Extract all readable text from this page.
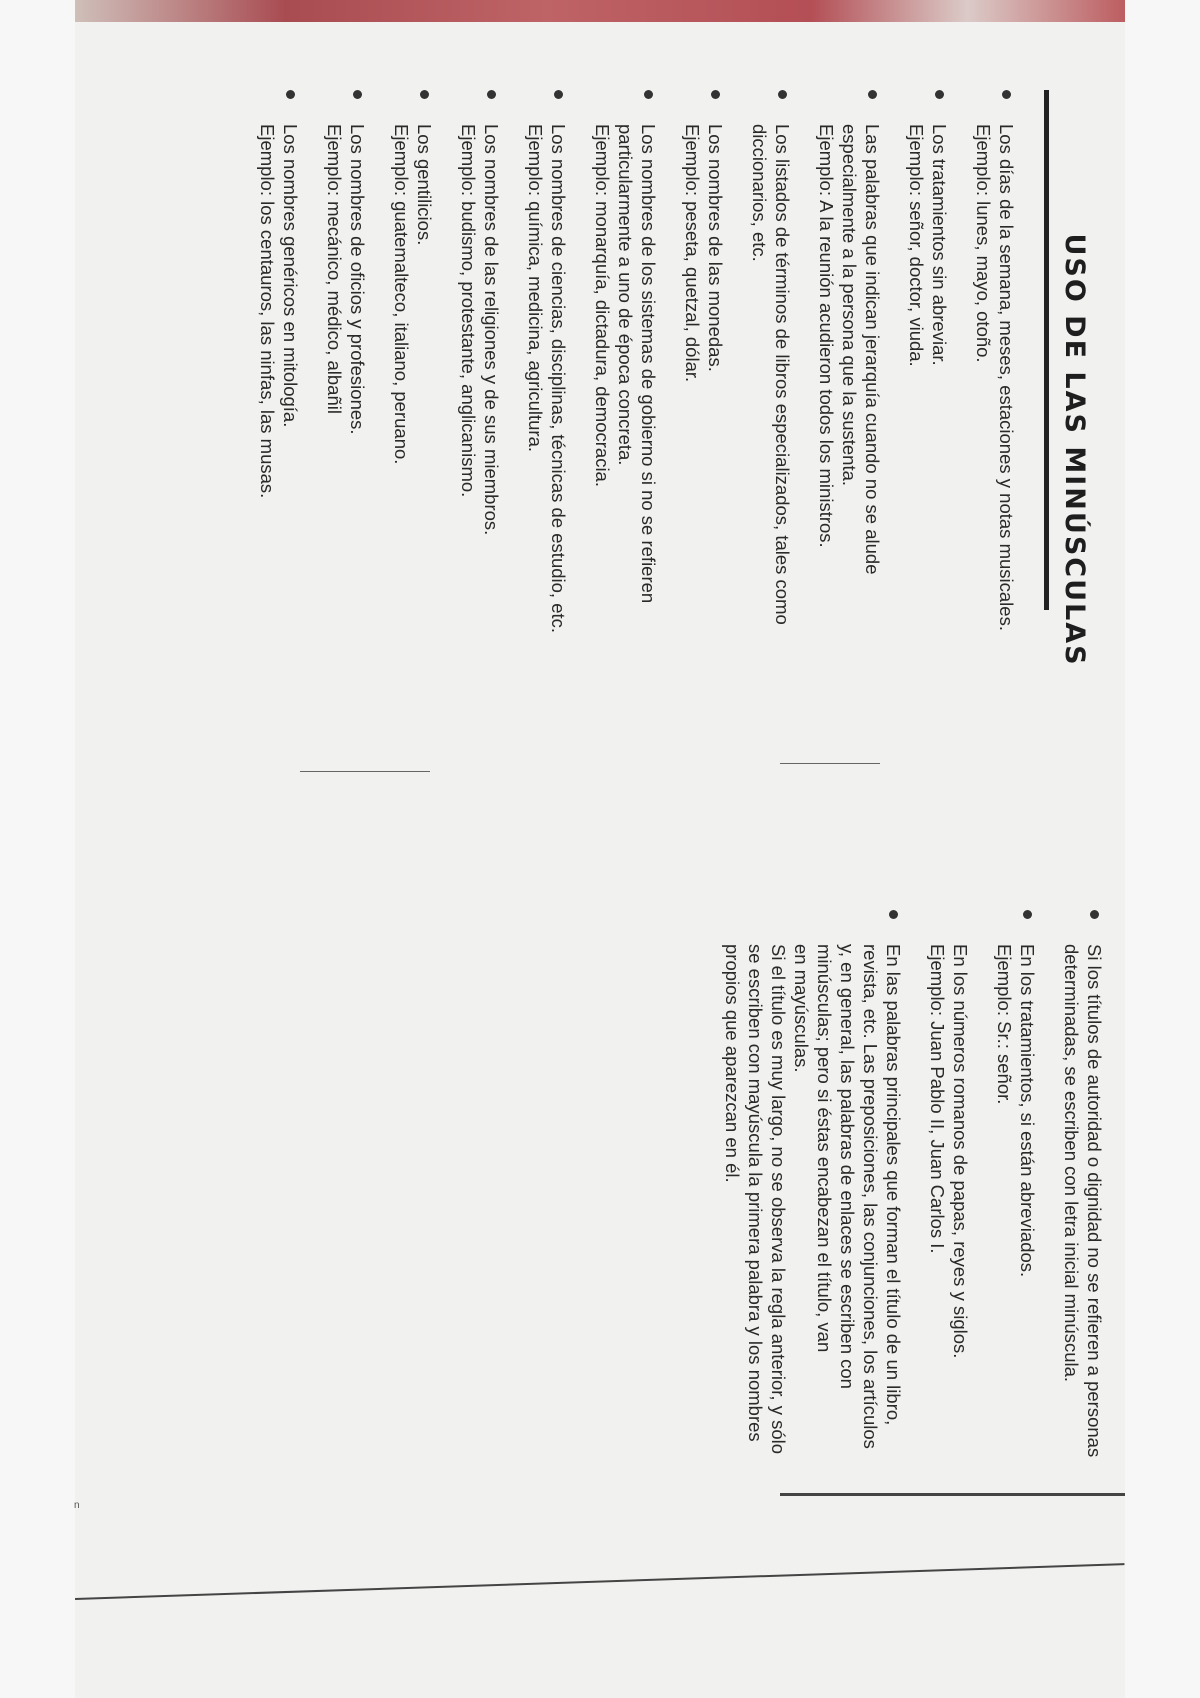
n
Si los títulos de autoridad o dignidad no se refieren a personas
determinadas, se escriben con letra inicial minúscula.
En los tratamientos, si están abreviados.
Ejemplo: Sr.: señor.
En los números romanos de papas, reyes y siglos.
Ejemplo: Juan Pablo II, Juan Carlos I.
En las palabras principales que forman el título de un libro,
revista, etc. Las preposiciones, las conjunciones, los artículos
y, en general, las palabras de enlaces se escriben con
minúsculas; pero si éstas encabezan el título, van
en mayúsculas.
Si el título es muy largo, no se observa la regla anterior, y sólo
se escriben con mayúscula la primera palabra y los nombres
propios que aparezcan en él.
USO DE LAS MINÚSCULAS
Los días de la semana, meses, estaciones y notas musicales.
Ejemplo: lunes, mayo, otoño.
Los tratamientos sin abreviar.
Ejemplo: señor, doctor, viuda.
Las palabras que indican jerarquía cuando no se alude
especialmente a la persona que la sustenta.
Ejemplo: A la reunión acudieron todos los ministros.
Los listados de términos de libros especializados, tales como
diccionarios, etc.
Los nombres de las monedas.
Ejemplo: peseta, quetzal, dólar.
Los nombres de los sistemas de gobierno si no se refieren
particularmente a uno de época concreta.
Ejemplo: monarquía, dictadura, democracia.
Los nombres de ciencias, disciplinas, técnicas de estudio, etc.
Ejemplo: química, medicina, agricultura.
Los nombres de las religiones y de sus miembros.
Ejemplo: budismo, protestante, anglicanismo.
Los gentilicios.
Ejemplo: guatemalteco, italiano, peruano.
Los nombres de oficios y profesiones.
Ejemplo: mecánico, médico, albañil
Los nombres genéricos en mitología.
Ejemplo: los centauros, las ninfas, las musas.
